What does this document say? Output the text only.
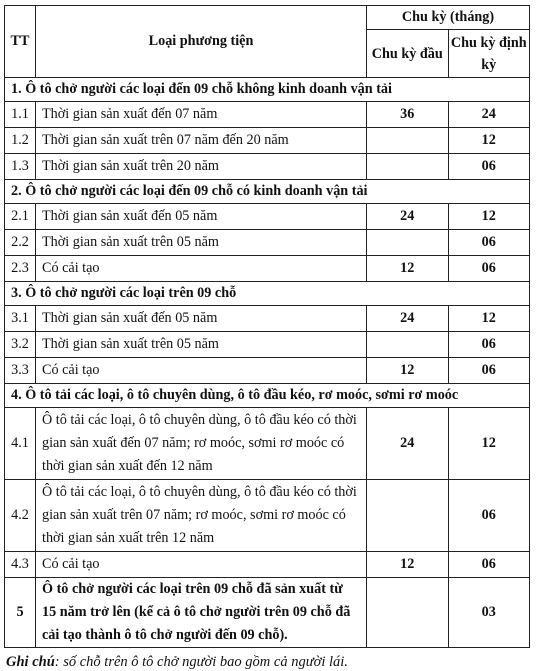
TT	Loại phương tiện	Chu kỳ (tháng)	
		Chu kỳ đầu	Chu kỳ định kỳ
1. Ô tô chở người các loại đến 09 chỗ không kinh doanh vận tải			
1.1	Thời gian sản xuất đến 07 năm	36	24
1.2	Thời gian sản xuất trên 07 năm đến 20 năm		12
1.3	Thời gian sản xuất trên 20 năm		06
2. Ô tô chở người các loại đến 09 chỗ có kinh doanh vận tải			
2.1	Thời gian sản xuất đến 05 năm	24	12
2.2	Thời gian sản xuất trên 05 năm		06
2.3	Có cải tạo	12	06
3. Ô tô chở người các loại trên 09 chỗ			
3.1	Thời gian sản xuất đến 05 năm	24	12
3.2	Thời gian sản xuất trên 05 năm		06
3.3	Có cải tạo	12	06
4. Ô tô tải các loại, ô tô chuyên dùng, ô tô đầu kéo, rơ moóc, sơmi rơ moóc			
4.1	Ô tô tải các loại, ô tô chuyên dùng, ô tô đầu kéo có thời gian sản xuất đến 07 năm; rơ moóc, sơmi rơ moóc có thời gian sản xuất đến 12 năm	24	12
4.2	Ô tô tải các loại, ô tô chuyên dùng, ô tô đầu kéo có thời gian sản xuất trên 07 năm; rơ moóc, sơmi rơ moóc có thời gian sản xuất trên 12 năm		06
4.3	Có cải tạo	12	06
5	Ô tô chở người các loại trên 09 chỗ đã sản xuất từ 15 năm trở lên (kể cả ô tô chở người trên 09 chỗ đã cải tạo thành ô tô chở người đến 09 chỗ).		03
Ghi chú: số chỗ trên ô tô chở người bao gồm cả người lái.
